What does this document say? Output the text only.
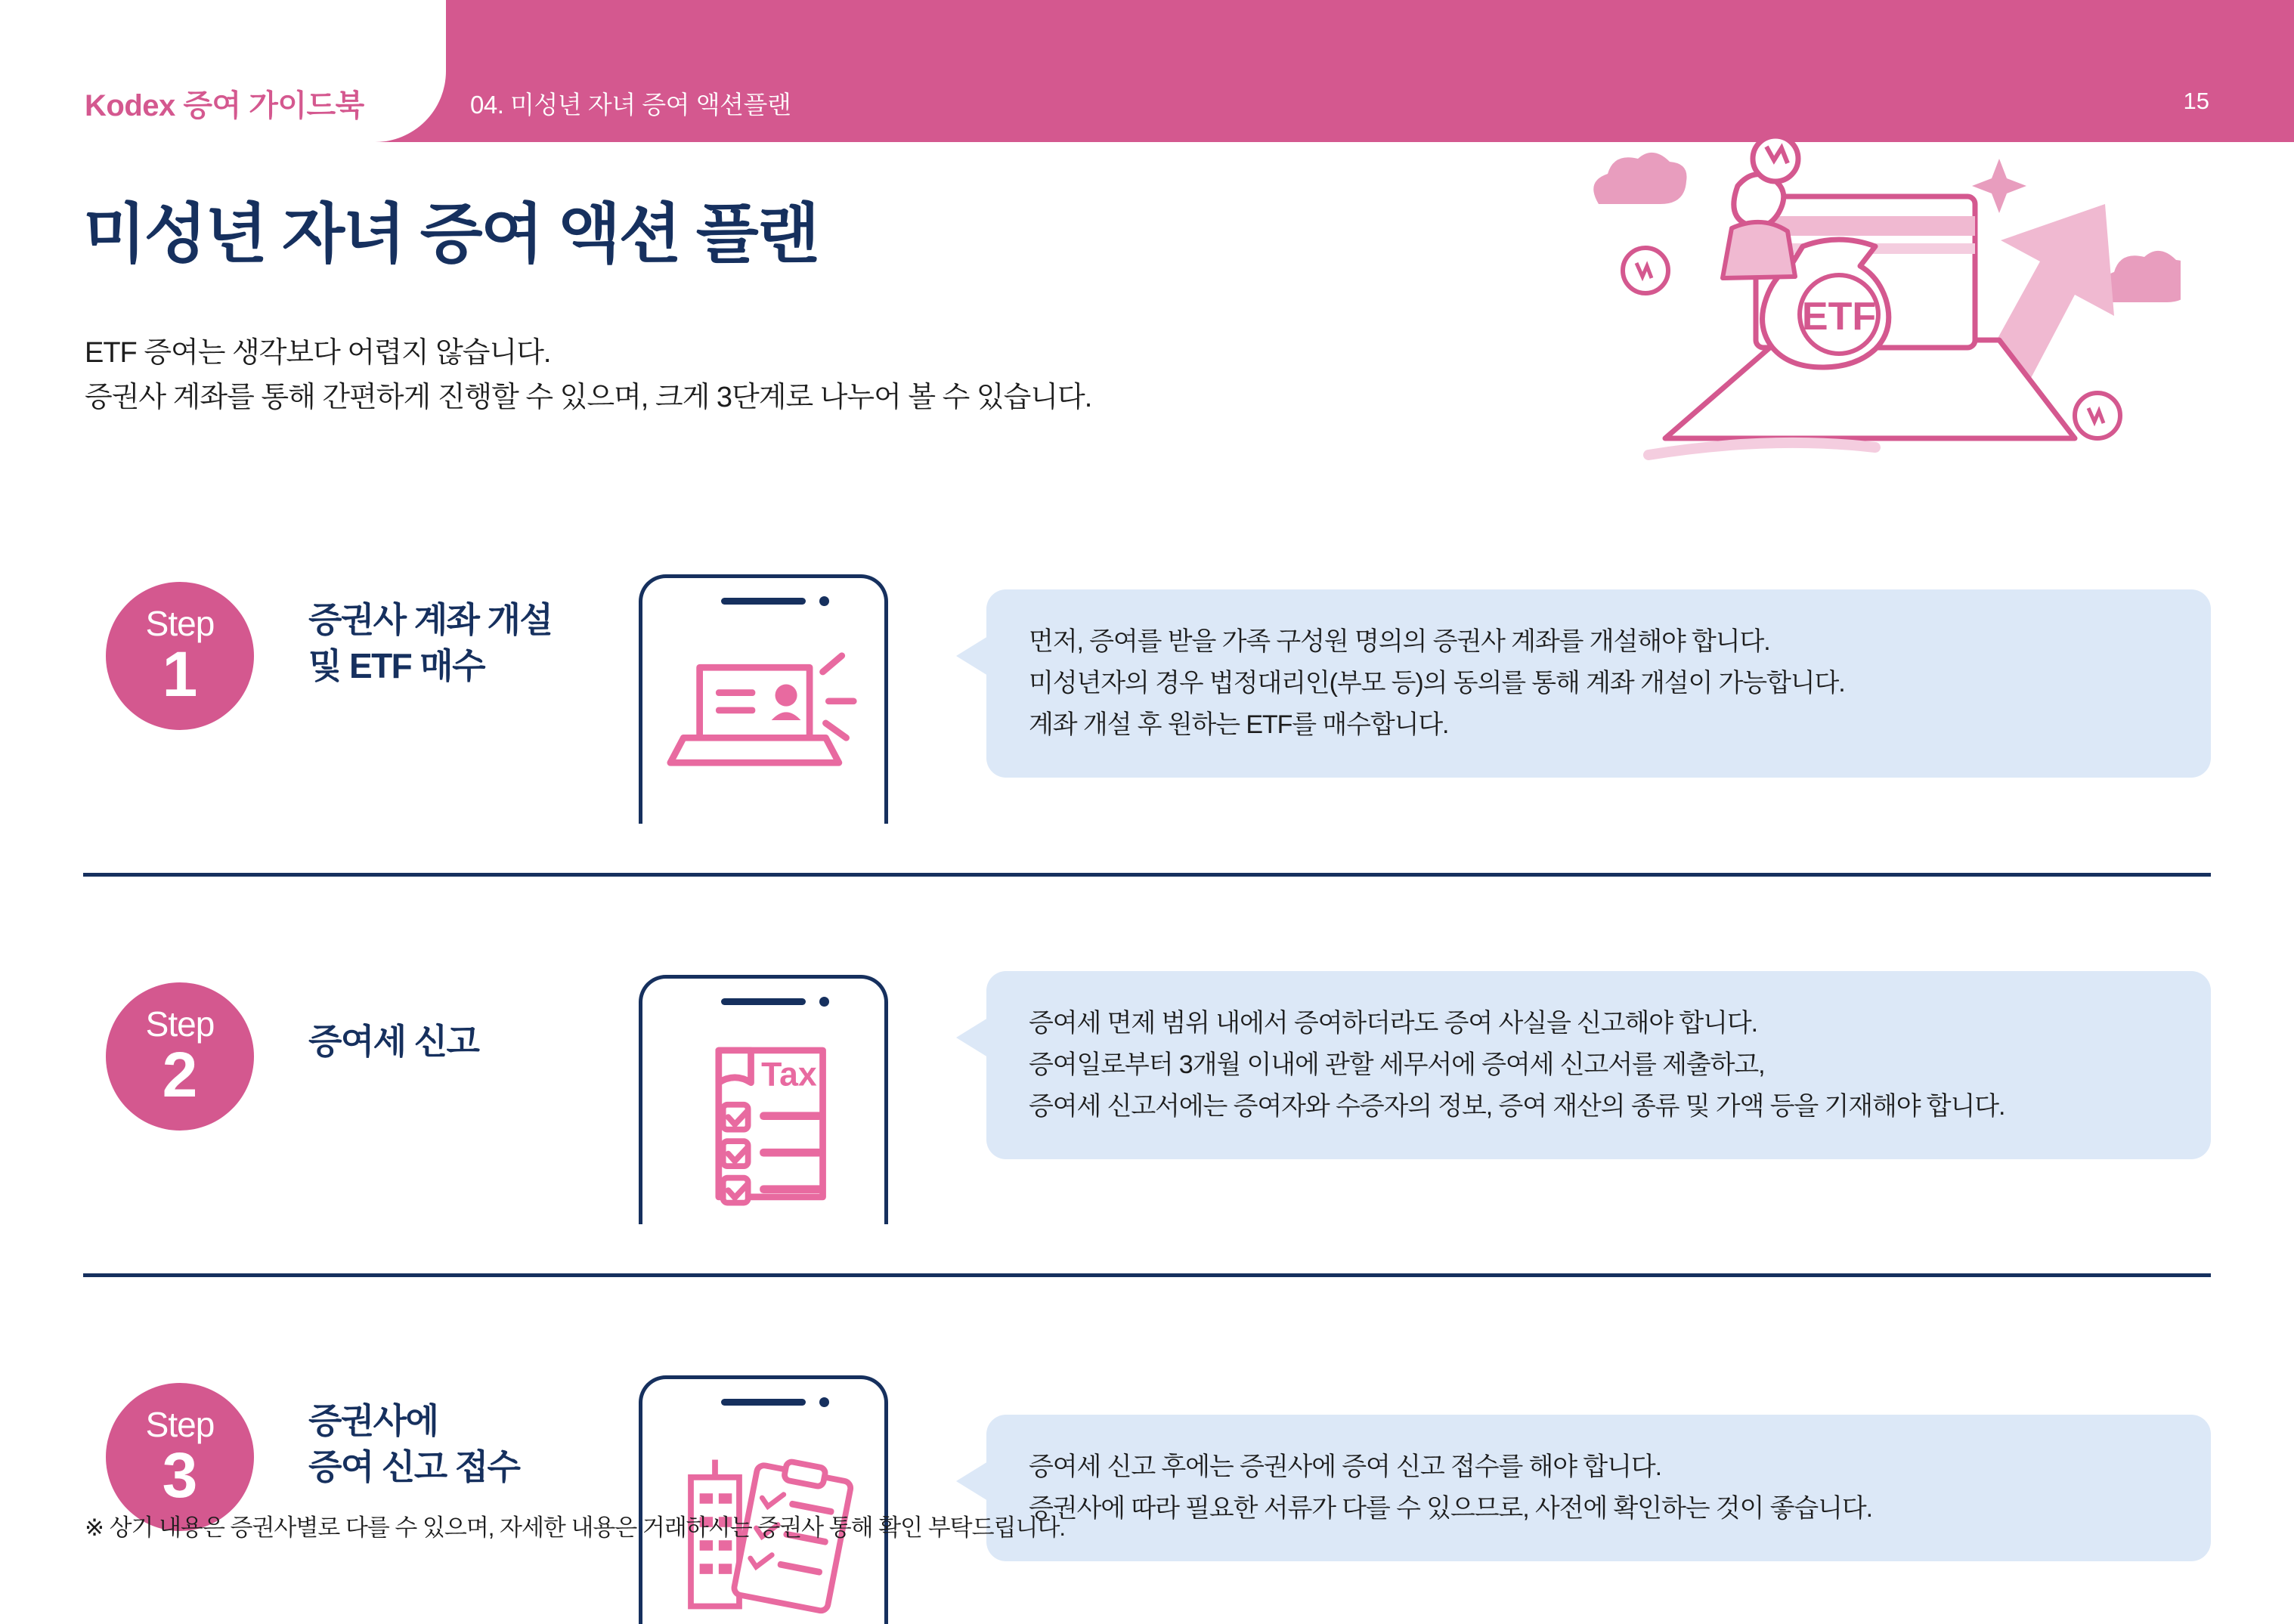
Kodex 증여 가이드북	04. 미성년 자녀 증여 액션플랜	15
미성년 자녀 증여 액션 플랜
ETF 증여는 생각보다 어렵지 않습니다.
증권사 계좌를 통해 간편하게 진행할 수 있으며, 크게 3단계로 나누어 볼 수 있습니다.
ETF
Step
1
증권사 계좌 개설
및 ETF 매수

먼저, 증여를 받을 가족 구성원 명의의 증권사 계좌를 개설해야 합니다.

미성년자의 경우 법정대리인(부모 등)의 동의를 통해 계좌 개설이 가능합니다.

계좌 개설 후 원하는 ETF를 매수합니다.

Step
2	증여세 신고
Tax

증여세 면제 범위 내에서 증여하더라도 증여 사실을 신고해야 합니다.

증여일로부터 3개월 이내에 관할 세무서에 증여세 신고서를 제출하고,

증여세 신고서에는 증여자와 수증자의 정보, 증여 재산의 종류 및 가액 등을 기재해야 합니다.

Step
3
증권사에
증여 신고 접수	증여세 신고 후에는 증권사에 증여 신고 접수를 해야 합니다.

증권사에 따라 필요한 서류가 다를 수 있으므로, 사전에 확인하는 것이 좋습니다.

※ 상기 내용은 증권사별로 다를 수 있으며, 자세한 내용은 거래하시는 증권사 통해 확인 부탁드립니다.
